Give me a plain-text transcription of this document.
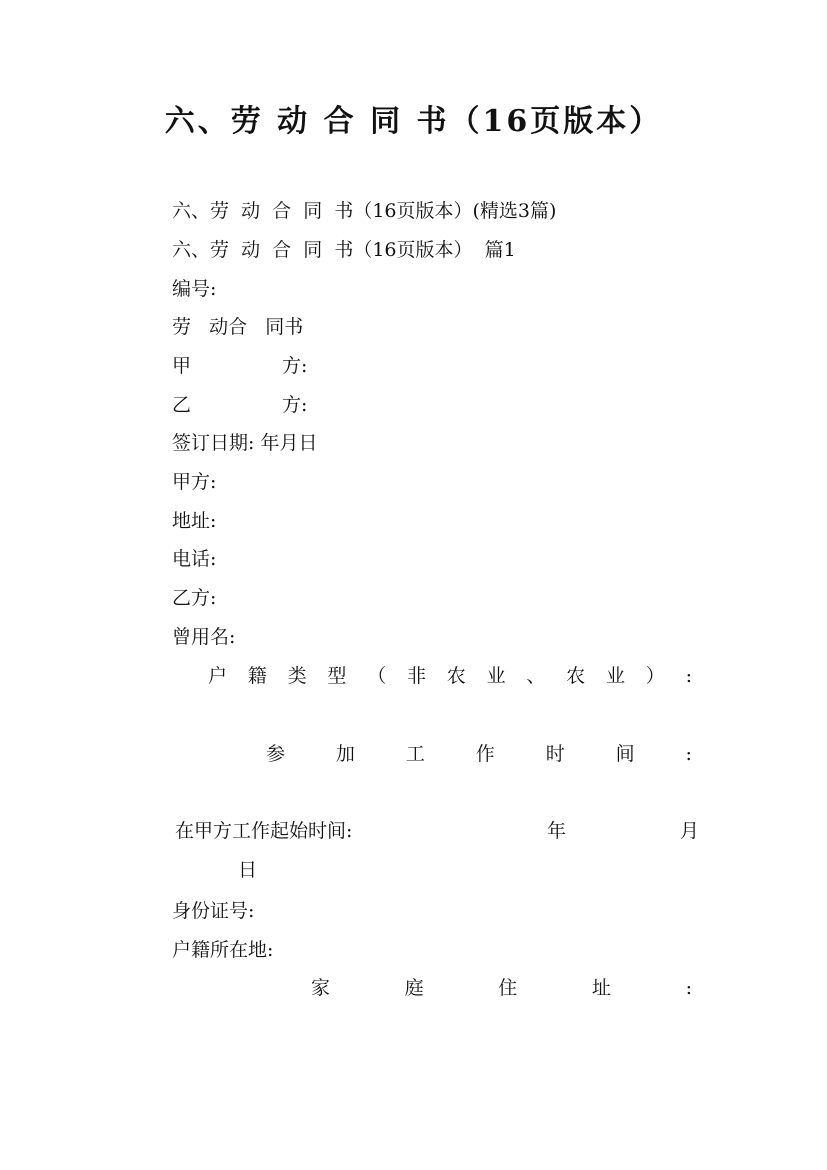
六、劳 动 合 同 书（16页版本）
六、劳  动  合  同  书（16页版本）(精选3篇)
六、劳  动  合  同  书（16页版本）  篇1
编号:
劳   动合   同书
甲	方:
乙	方:
签订日期: 年月日
甲方:
地址:
电话:
乙方:
曾用名:
户 籍 类 型 （ 非 农 业 、 农 业 ） :
参	加	工	作	时	间	:
在甲方工作起始时间:	年	月
日
身份证号:
户籍所在地:
家	庭	住	址	:
